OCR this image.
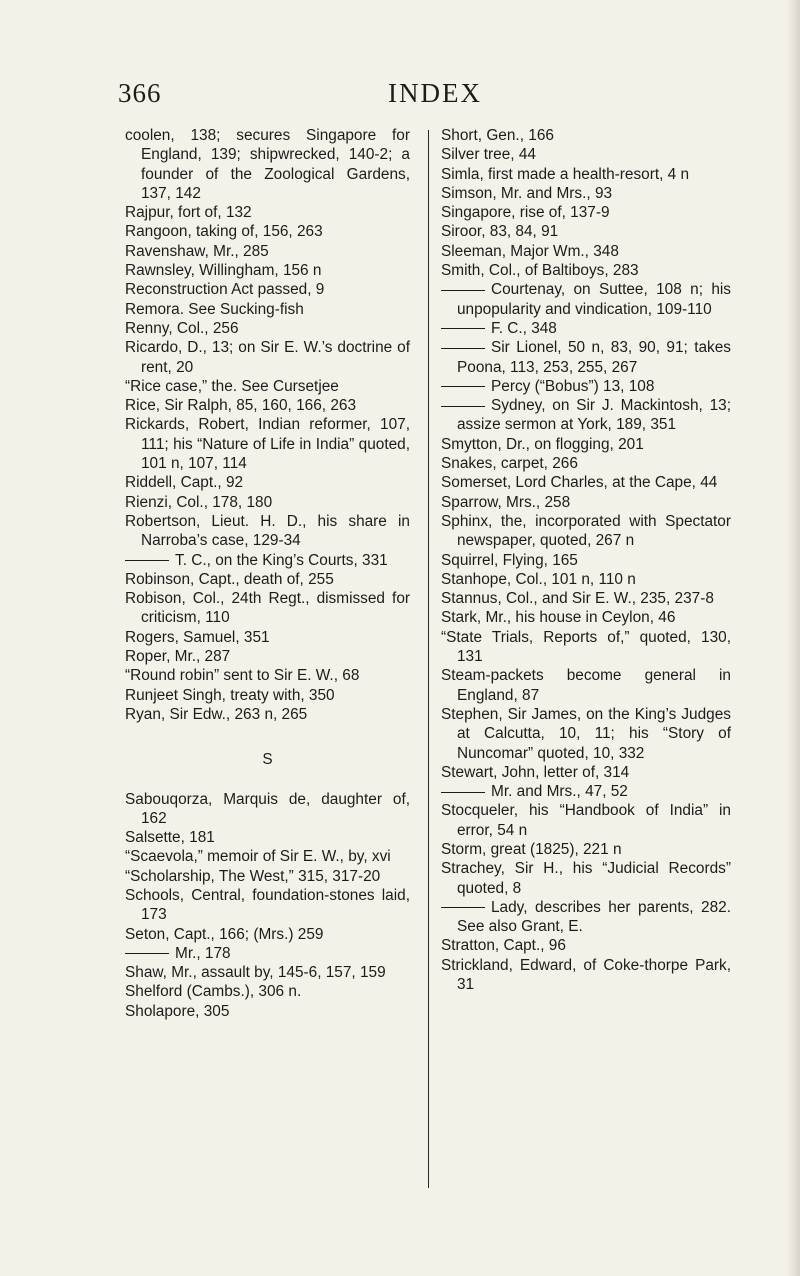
366	INDEX
coolen, 138; secures Singapore for England, 139; shipwrecked, 140-2; a founder of the Zoological Gardens, 137, 142
Rajpur, fort of, 132
Rangoon, taking of, 156, 263
Ravenshaw, Mr., 285
Rawnsley, Willingham, 156 n
Reconstruction Act passed, 9
Remora. See Sucking-fish
Renny, Col., 256
Ricardo, D., 13; on Sir E. W.’s doctrine of rent, 20
“Rice case,” the. See Cursetjee
Rice, Sir Ralph, 85, 160, 166, 263
Rickards, Robert, Indian reformer, 107, 111; his “Nature of Life in India” quoted, 101 n, 107, 114
Riddell, Capt., 92
Rienzi, Col., 178, 180
Robertson, Lieut. H. D., his share in Narroba’s case, 129-34
T. C., on the King’s Courts, 331
Robinson, Capt., death of, 255
Robison, Col., 24th Regt., dismissed for criticism, 110
Rogers, Samuel, 351
Roper, Mr., 287
“Round robin” sent to Sir E. W., 68
Runjeet Singh, treaty with, 350
Ryan, Sir Edw., 263 n, 265
S
Sabouqorza, Marquis de, daughter of, 162
Salsette, 181
“Scaevola,” memoir of Sir E. W., by, xvi
“Scholarship, The West,” 315, 317-20
Schools, Central, foundation-stones laid, 173
Seton, Capt., 166; (Mrs.) 259
Mr., 178
Shaw, Mr., assault by, 145-6, 157, 159
Shelford (Cambs.), 306 n.
Sholapore, 305
Short, Gen., 166
Silver tree, 44
Simla, first made a health-resort, 4 n
Simson, Mr. and Mrs., 93
Singapore, rise of, 137-9
Siroor, 83, 84, 91
Sleeman, Major Wm., 348
Smith, Col., of Baltiboys, 283
Courtenay, on Suttee, 108 n; his unpopularity and vindication, 109-110
F. C., 348
Sir Lionel, 50 n, 83, 90, 91; takes Poona, 113, 253, 255, 267
Percy (“Bobus”) 13, 108
Sydney, on Sir J. Mackintosh, 13; assize sermon at York, 189, 351
Smytton, Dr., on flogging, 201
Snakes, carpet, 266
Somerset, Lord Charles, at the Cape, 44
Sparrow, Mrs., 258
Sphinx, the, incorporated with Spectator newspaper, quoted, 267 n
Squirrel, Flying, 165
Stanhope, Col., 101 n, 110 n
Stannus, Col., and Sir E. W., 235, 237-8
Stark, Mr., his house in Ceylon, 46
“State Trials, Reports of,” quoted, 130, 131
Steam-packets become general in England, 87
Stephen, Sir James, on the King’s Judges at Calcutta, 10, 11; his “Story of Nuncomar” quoted, 10, 332
Stewart, John, letter of, 314
Mr. and Mrs., 47, 52
Stocqueler, his “Handbook of India” in error, 54 n
Storm, great (1825), 221 n
Strachey, Sir H., his “Judicial Records” quoted, 8
Lady, describes her parents, 282. See also Grant, E.
Stratton, Capt., 96
Strickland, Edward, of Coke-thorpe Park, 31
